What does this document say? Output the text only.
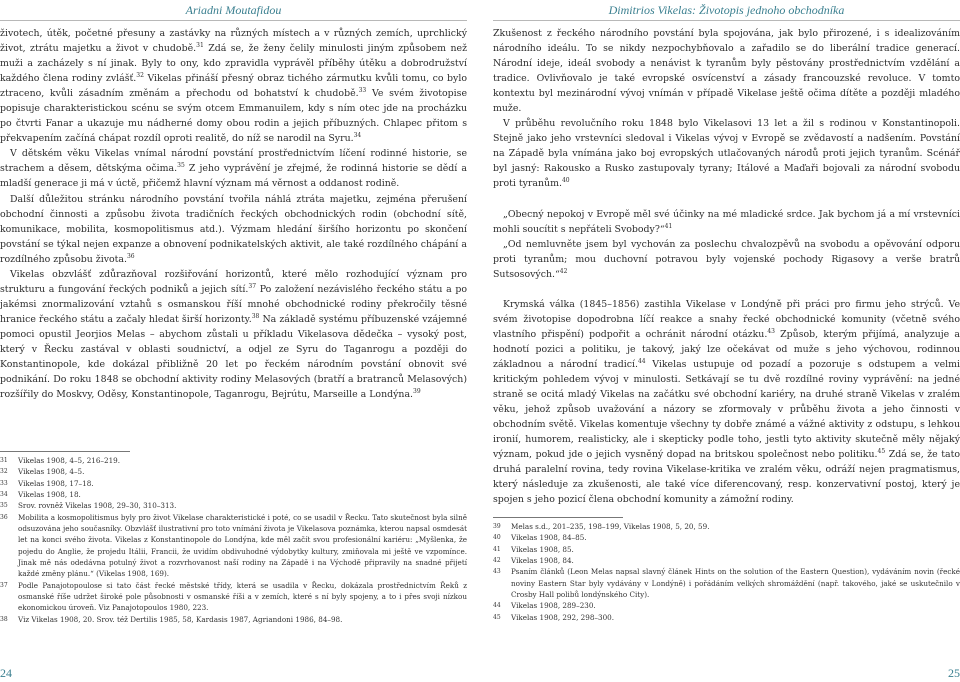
Ariadni Moutafidou

životech, útěk, početné přesuny a zastávky na různých místech a v různých zemích, uprchlický život, ztrátu majetku a život v chudobě.$^{31}$ Zdá se, že ženy čelily minulosti jiným způsobem než muži a zacházely s ní jinak. Byly to ony, kdo zpravidla vyprávěl příběhy útěku a dobrodružství každého člena rodiny zvlášť.$^{32}$ Vikelas přináší přesný obraz tichého zármutku kvůli tomu, co bylo ztraceno, kvůli zásadním změnám a přechodu od bohatství k chudobě.$^{33}$ Ve svém životopise popisuje charakteristickou scénu se svým otcem Emmanuilem, kdy s ním otec jde na procházku po čtvrti Fanar a ukazuje mu nádherné domy obou rodin a jejich příbuzných. Chlapec přitom s překvapením začíná chápat rozdíl oproti realitě, do níž se narodil na Syru.$^{34}$

V dětském věku Vikelas vnímal národní povstání prostřednictvím líčení rodinné historie, se strachem a děsem, dětskýma očima.$^{35}$ Z jeho vyprávění je zřejmé, že rodinná historie se dědí a mladší generace ji má v úctě, přičemž hlavní význam má věrnost a oddanost rodině.

Další důležitou stránku národního povstání tvořila náhlá ztráta majetku, zejména přerušení obchodní činnosti a způsobu života tradičních řeckých obchodnických rodin (obchodní sítě, komunikace, mobilita, kosmopolitismus atd.). Výzmam hledání širšího horizontu po skončení povstání se týkal nejen expanze a obnovení podnikatelských aktivit, ale také rozdílného chápání a rozdílného způsobu života.$^{36}$

Vikelas obzvlášť zdůrazňoval rozšiřování horizontů, které mělo rozhodující význam pro strukturu a fungování řeckých podniků a jejich sítí.$^{37}$ Po založení nezávislého řeckého státu a po jakémsi znormalizování vztahů s osmanskou říší mnohé obchodnické rodiny překročily těsné hranice řeckého státu a začaly hledat širší horizonty.$^{38}$ Na základě systému příbuzenské vzájemné pomoci opustil Jeorjios Melas – abychom zůstali u příkladu Vikelasova dědečka – vysoký post, který v Řecku zastával v oblasti soudnictví, a odjel ze Syru do Taganrogu a později do Konstantinopole, kde dokázal přibližně 20 let po řeckém národním povstání obnovit své podnikání. Do roku 1848 se obchodní aktivity rodiny Melasových (bratří a bratranců Melasových) rozšířily do Moskvy, Oděsy, Konstantinopole, Taganrogu, Bejrútu, Marseille a Londýna.$^{39}$

31 Vikelas 1908, 4–5, 216–219.

32 Vikelas 1908, 4–5.

33 Vikelas 1908, 17–18.

34 Vikelas 1908, 18.

35 Srov. rovněž Vikelas 1908, 29–30, 310–313.

36 Mobilita a kosmopolitismus byly pro život Vikelase charakteristické i poté, co se usadil v Řecku. Tato skutečnost byla silně odsuzována jeho současníky. Obzvlášť ilustrativní pro toto vnímání života je Vikelasova poznámka, kterou napsal osmdesát let na konci svého života. Vikelas z Konstantinopole do Londýna, kde měl začít svou profesionální kariéru: „Myšlenka, že pojedu do Anglie, že projedu Itálii, Francii, že uvidím obdivuhodné výdobytky kultury, zmiňovala mi ještě ve vzpomínce. Jinak mě nás odedávna potulný život a rozvrhovanost naší rodiny na Západě i na Východě připravily na snadné přijetí každé změny plánu.“ (Vikelas 1908, 169).

37 Podle Panajotopoulose si tato část řecké městské třídy, která se usadila v Řecku, dokázala prostřednictvím Řeků z osmanské říše udržet široké pole působnosti v osmanské říši a v zemích, které s ní byly spojeny, a to i přes svoji nízkou ekonomickou úroveň. Viz Panajotopoulos 1980, 223.

38 Viz Vikelas 1908, 20. Srov. též Dertilis 1985, 58, Kardasis 1987, Agriandoni 1986, 84–98.

24
Dimitrios Vikelas: Životopis jednoho obchodníka

Zkušenost z řeckého národního povstání byla spojována, jak bylo přirozené, i s idealizováním národního ideálu. To se nikdy nezpochybňovalo a zařadilo se do liberální tradice generací. Národní ideje, ideál svobody a nenávist k tyranům byly pěstovány prostřednictvím vzdělání a tradice. Ovlivňovalo je také evropské osvícenství a zásady francouzské revoluce. V tomto kontextu byl mezinárodní vývoj vnímán v případě Vikelase ještě očima dítěte a později mladého muže.

V průběhu revolučního roku 1848 bylo Vikelasovi 13 let a žil s rodinou v Konstantinopoli. Stejně jako jeho vrstevníci sledoval i Vikelas vývoj v Evropě se zvědavostí a nadšením. Povstání na Západě byla vnímána jako boj evropských utlačovaných národů proti jejich tyranům. Scénář byl jasný: Rakousko a Rusko zastupovaly tyrany; Itálové a Maďaři bojovali za národní svobodu proti tyranům.$^{40}$

„Obecný nepokoj v Evropě měl své účinky na mé mladické srdce. Jak bychom já a mí vrstevníci mohli soucítit s nepřáteli Svobody?“$^{41}$

„Od nemluvněte jsem byl vychován za poslechu chvalozpěvů na svobodu a opěvování odporu proti tyranům; mou duchovní potravou byly vojenské pochody Rigasovy a verše bratrů Sutsosových.“$^{42}$

Krymská válka (1845–1856) zastihla Vikelase v Londýně při práci pro firmu jeho strýců. Ve svém životopise dopodrobna líčí reakce a snahy řecké obchodnické komunity (včetně svého vlastního přispění) podpořit a ochránit národní otázku.$^{43}$ Způsob, kterým přijímá, analyzuje a hodnotí pozici a politiku, je takový, jaký lze očekávat od muže s jeho výchovou, rodinnou základnou a národní tradicí.$^{44}$ Vikelas ustupuje od pozadí a pozoruje s odstupem a velmi kritickým pohledem vývoj v minulosti. Setkávají se tu dvě rozdílné roviny vyprávění: na jedné straně se ocitá mladý Vikelas na začátku své obchodní kariéry, na druhé straně Vikelas v zralém věku, jehož způsob uvažování a názory se zformovaly v průběhu života a jeho činnosti v obchodním světě. Vikelas komentuje všechny ty dobře známé a vážné aktivity z odstupu, s lehkou ironií, humorem, realisticky, ale i skepticky podle toho, jestli tyto aktivity skutečně měly nějaký význam, pokud jde o jejich vysněný dopad na britskou společnost nebo politiku.$^{45}$ Zdá se, že tato druhá paralelní rovina, tedy rovina Vikelase-kritika ve zralém věku, odráží nejen pragmatismus, který následuje za zkušenosti, ale také více diferencovaný, resp. konzervativní postoj, který je spojen s jeho pozicí člena obchodní komunity a zámožní rodiny.

39 Melas s.d., 201–235, 198–199, Vikelas 1908, 5, 20, 59.

40 Vikelas 1908, 84–85.

41 Vikelas 1908, 85.

42 Vikelas 1908, 84.

43 Psaním článků (Leon Melas napsal slavný článek Hints on the solution of the Eastern Question), vydáváním novin (řecké noviny Eastern Star byly vydávány v Londýně) i pořádáním velkých shromáždění (např. takového, jaké se uskutečnilo v Crosby Hall polibů londýnského City).

44 Vikelas 1908, 289–230.

45 Vikelas 1908, 292, 298–300.

25
